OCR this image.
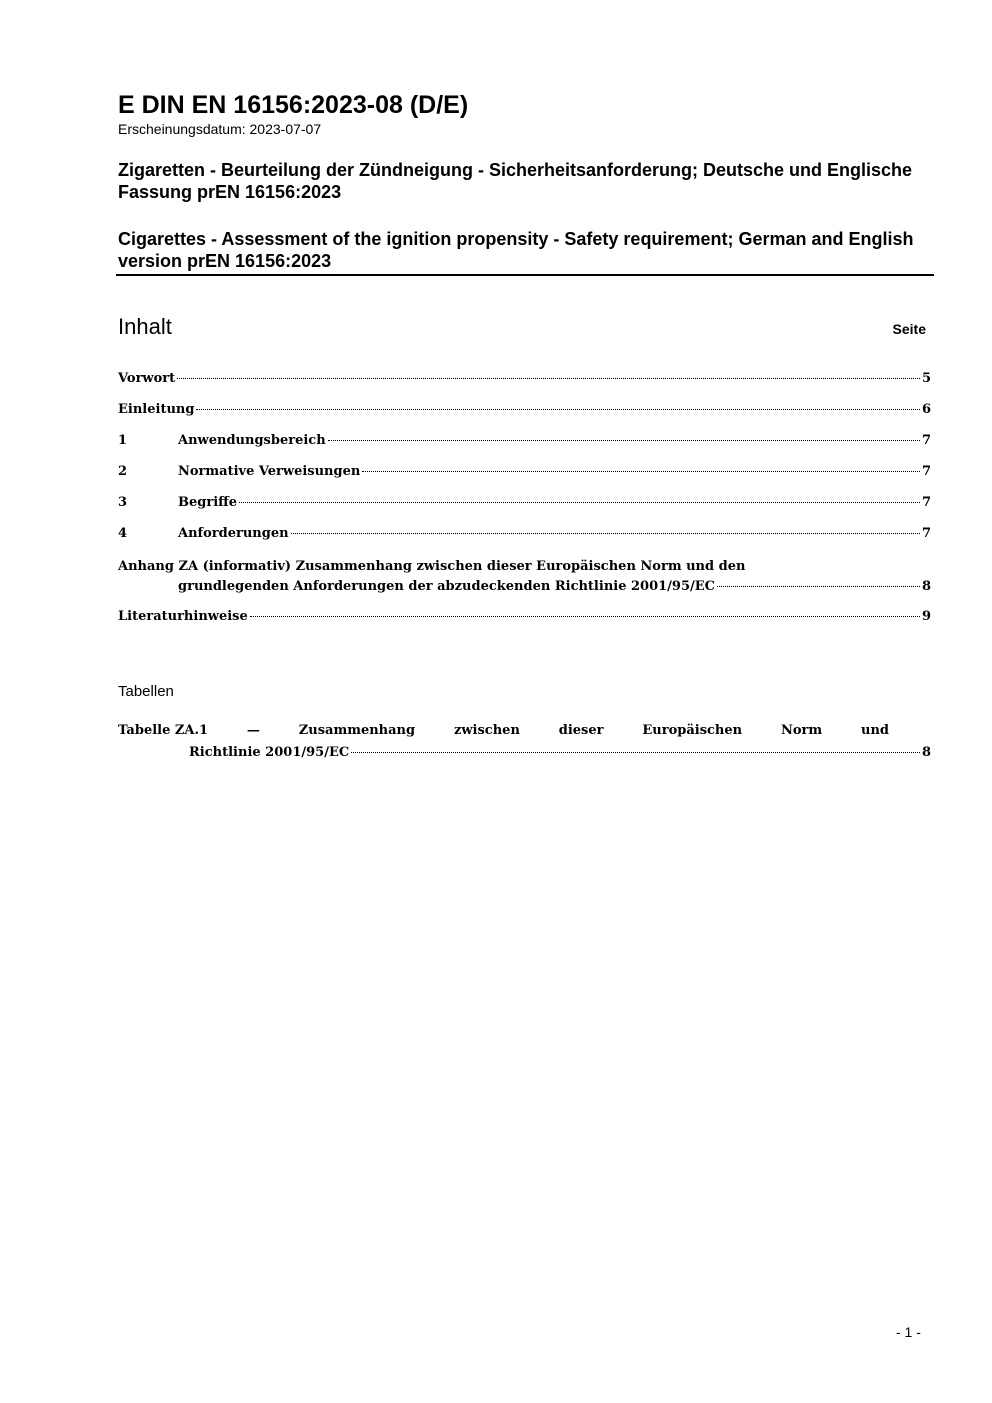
E DIN EN 16156:2023-08 (D/E)
Erscheinungsdatum: 2023-07-07
Zigaretten - Beurteilung der Zündneigung - Sicherheitsanforderung; Deutsche und Englische Fassung prEN 16156:2023
Cigarettes - Assessment of the ignition propensity - Safety requirement; German and English version prEN 16156:2023
Inhalt	Seite
Vorwort	5
Einleitung	6
1	Anwendungsbereich	7
2	Normative Verweisungen	7
3	Begriffe	7
4	Anforderungen	7
Anhang ZA (informativ) Zusammenhang zwischen dieser Europäischen Norm und den
grundlegenden Anforderungen der abzudeckenden Richtlinie 2001/95/EC	8
Literaturhinweise	9
Tabellen
Tabelle ZA.1	—	Zusammenhang	zwischen	dieser	Europäischen	Norm	und
Richtlinie 2001/95/EC	8
- 1 -
